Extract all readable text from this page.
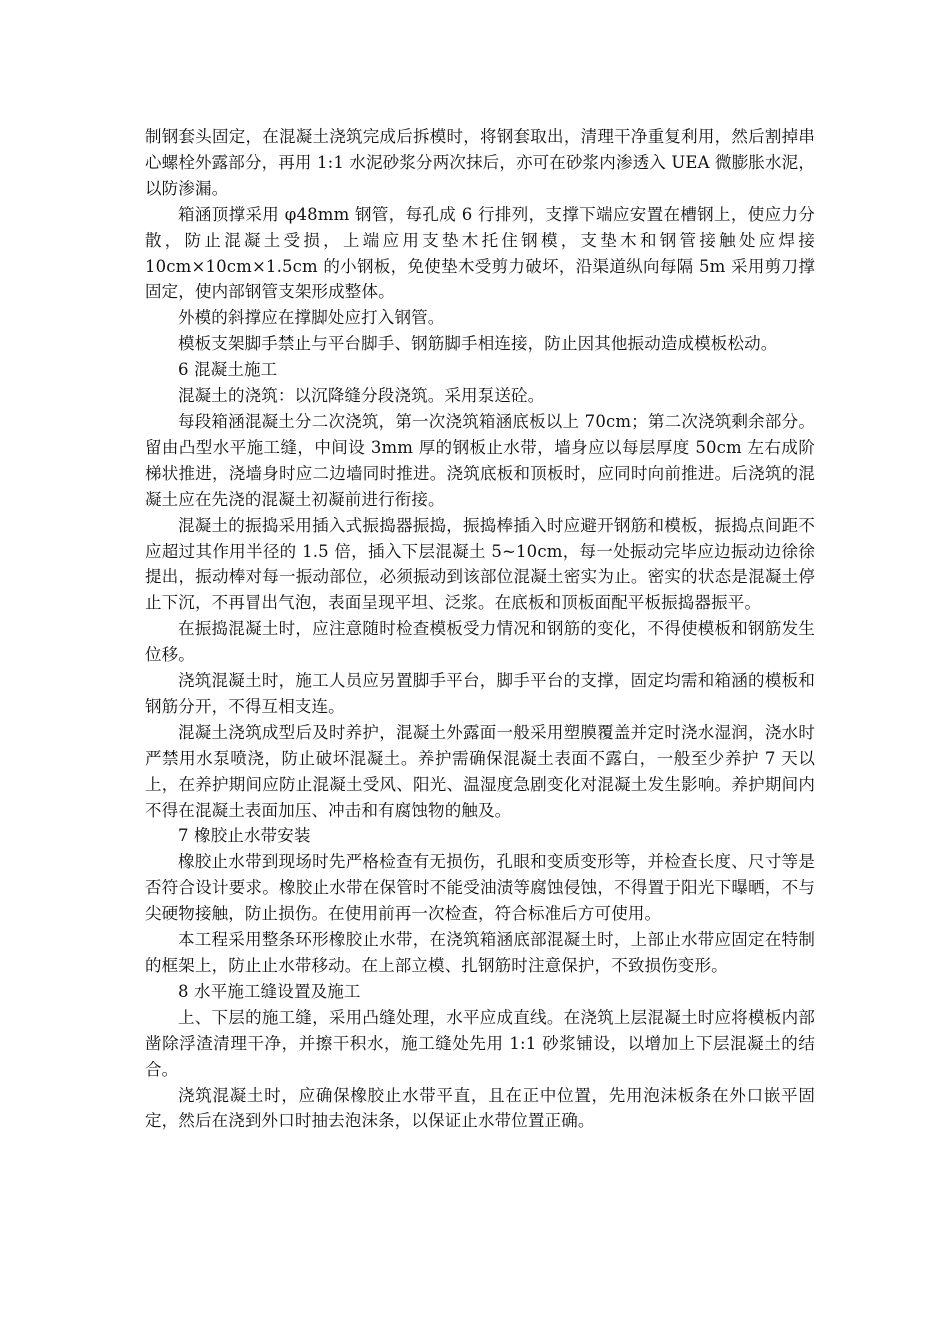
制钢套头固定，在混凝土浇筑完成后拆模时，将钢套取出，清理干净重复利用，然后割掉串心螺栓外露部分，再用 1:1 水泥砂浆分两次抹后，亦可在砂浆内渗透入 UEA 微膨胀水泥，以防渗漏。

箱涵顶撑采用 φ48mm 钢管，每孔成 6 行排列，支撑下端应安置在槽钢上，使应力分散，防止混凝土受损，上端应用支垫木托住钢模，支垫木和钢管接触处应焊接 10cm×10cm×1.5cm 的小钢板，免使垫木受剪力破坏，沿渠道纵向每隔 5m 采用剪刀撑固定，使内部钢管支架形成整体。

外模的斜撑应在撑脚处应打入钢管。

模板支架脚手禁止与平台脚手、钢筋脚手相连接，防止因其他振动造成模板松动。

6 混凝土施工

混凝土的浇筑：以沉降缝分段浇筑。采用泵送砼。

每段箱涵混凝土分二次浇筑，第一次浇筑箱涵底板以上 70cm；第二次浇筑剩余部分。留由凸型水平施工缝，中间设 3mm 厚的钢板止水带，墙身应以每层厚度 50cm 左右成阶梯状推进，浇墙身时应二边墙同时推进。浇筑底板和顶板时，应同时向前推进。后浇筑的混凝土应在先浇的混凝土初凝前进行衔接。

混凝土的振捣采用插入式振捣器振捣，振捣棒插入时应避开钢筋和模板，振捣点间距不应超过其作用半径的 1.5 倍，插入下层混凝土 5~10cm，每一处振动完毕应边振动边徐徐提出，振动棒对每一振动部位，必须振动到该部位混凝土密实为止。密实的状态是混凝土停止下沉，不再冒出气泡，表面呈现平坦、泛浆。在底板和顶板面配平板振捣器振平。

在振捣混凝土时，应注意随时检查模板受力情况和钢筋的变化，不得使模板和钢筋发生位移。

浇筑混凝土时，施工人员应另置脚手平台，脚手平台的支撑，固定均需和箱涵的模板和钢筋分开，不得互相支连。

混凝土浇筑成型后及时养护，混凝土外露面一般采用塑膜覆盖并定时浇水湿润，浇水时严禁用水泵喷浇，防止破坏混凝土。养护需确保混凝土表面不露白，一般至少养护 7 天以上，在养护期间应防止混凝土受风、阳光、温湿度急剧变化对混凝土发生影响。养护期间内不得在混凝土表面加压、冲击和有腐蚀物的触及。

7 橡胶止水带安装

橡胶止水带到现场时先严格检查有无损伤，孔眼和变质变形等，并检查长度、尺寸等是否符合设计要求。橡胶止水带在保管时不能受油渍等腐蚀侵蚀，不得置于阳光下曝晒，不与尖硬物接触，防止损伤。在使用前再一次检查，符合标准后方可使用。

本工程采用整条环形橡胶止水带，在浇筑箱涵底部混凝土时，上部止水带应固定在特制的框架上，防止止水带移动。在上部立模、扎钢筋时注意保护，不致损伤变形。

8 水平施工缝设置及施工

上、下层的施工缝，采用凸缝处理，水平应成直线。在浇筑上层混凝土时应将模板内部凿除浮渣清理干净，并擦干积水，施工缝处先用 1:1 砂浆铺设，以增加上下层混凝土的结合。

浇筑混凝土时，应确保橡胶止水带平直，且在正中位置，先用泡沫板条在外口嵌平固定，然后在浇到外口时抽去泡沫条，以保证止水带位置正确。
